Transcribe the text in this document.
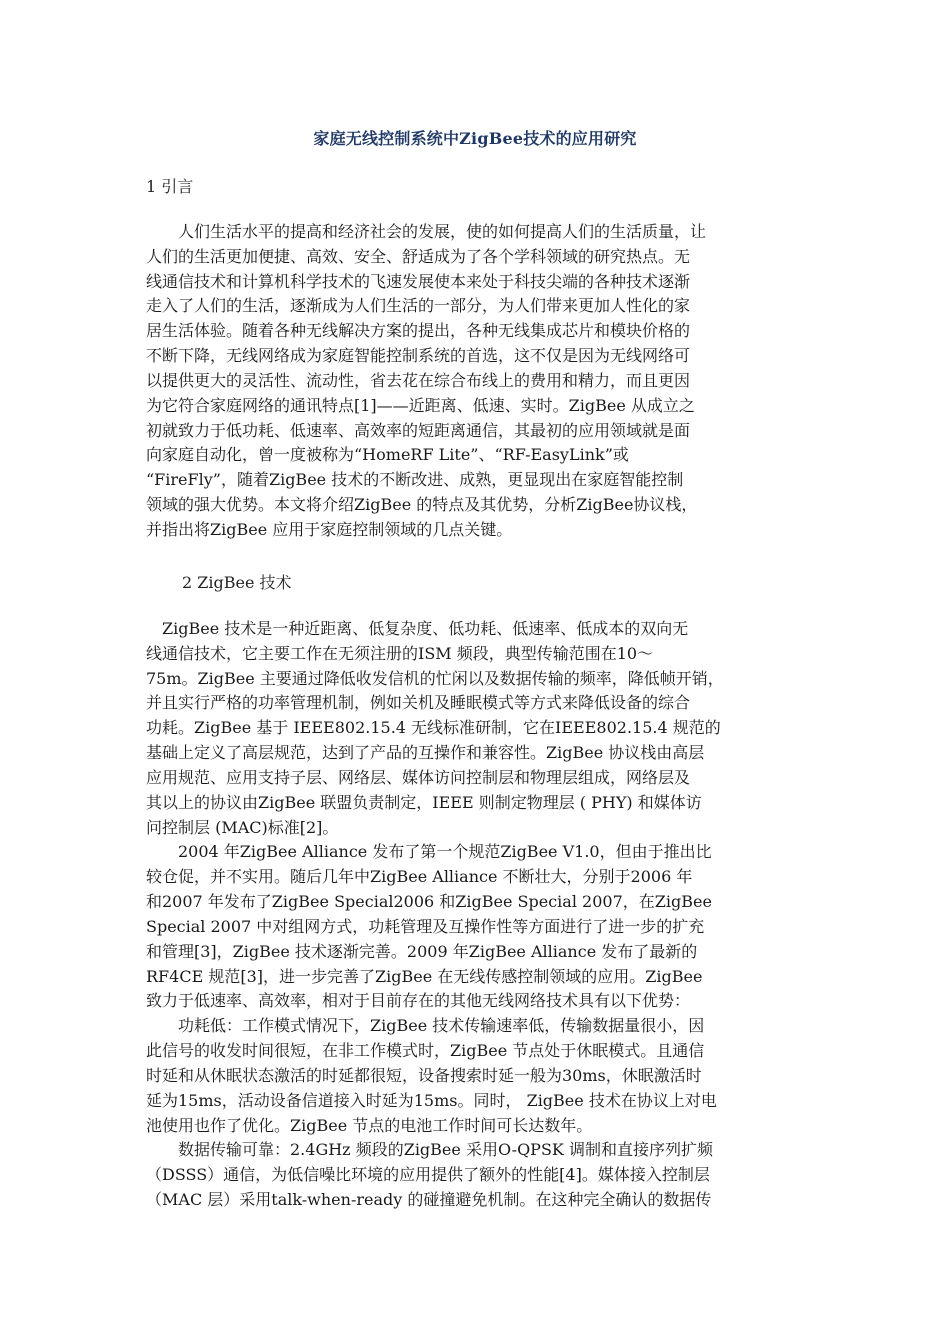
家庭无线控制系统中ZigBee技术的应用研究
1 引言
　　人们生活水平的提高和经济社会的发展，使的如何提高人们的生活质量，让
人们的生活更加便捷、高效、安全、舒适成为了各个学科领域的研究热点。无
线通信技术和计算机科学技术的飞速发展使本来处于科技尖端的各种技术逐渐
走入了人们的生活，逐渐成为人们生活的一部分，为人们带来更加人性化的家
居生活体验。随着各种无线解决方案的提出，各种无线集成芯片和模块价格的
不断下降，无线网络成为家庭智能控制系统的首选，这不仅是因为无线网络可
以提供更大的灵活性、流动性，省去花在综合布线上的费用和精力，而且更因
为它符合家庭网络的通讯特点[1]——近距离、低速、实时。ZigBee 从成立之
初就致力于低功耗、低速率、高效率的短距离通信，其最初的应用领域就是面
向家庭自动化，曾一度被称为“HomeRF Lite”、“RF-EasyLink”或
“FireFly”，随着ZigBee 技术的不断改进、成熟，更显现出在家庭智能控制
领域的强大优势。本文将介绍ZigBee 的特点及其优势，分析ZigBee协议栈，
并指出将ZigBee 应用于家庭控制领域的几点关键。
2 ZigBee 技术
　ZigBee 技术是一种近距离、低复杂度、低功耗、低速率、低成本的双向无
线通信技术，它主要工作在无须注册的ISM 频段，典型传输范围在10～
75m。ZigBee 主要通过降低收发信机的忙闲以及数据传输的频率，降低帧开销，
并且实行严格的功率管理机制，例如关机及睡眠模式等方式来降低设备的综合
功耗。ZigBee 基于 IEEE802.15.4 无线标准研制，它在IEEE802.15.4 规范的
基础上定义了高层规范，达到了产品的互操作和兼容性。ZigBee 协议栈由高层
应用规范、应用支持子层、网络层、媒体访问控制层和物理层组成，网络层及
其以上的协议由ZigBee 联盟负责制定，IEEE 则制定物理层 ( PHY) 和媒体访
问控制层 (MAC)标准[2]。
　　2004 年ZigBee Alliance 发布了第一个规范ZigBee V1.0，但由于推出比
较仓促，并不实用。随后几年中ZigBee Alliance 不断壮大，分别于2006 年
和2007 年发布了ZigBee Special2006 和ZigBee Special 2007，在ZigBee
Special 2007 中对组网方式，功耗管理及互操作性等方面进行了进一步的扩充
和管理[3]，ZigBee 技术逐渐完善。2009 年ZigBee Alliance 发布了最新的
RF4CE 规范[3]，进一步完善了ZigBee 在无线传感控制领域的应用。ZigBee
致力于低速率、高效率，相对于目前存在的其他无线网络技术具有以下优势：
　　功耗低：工作模式情况下，ZigBee 技术传输速率低，传输数据量很小，因
此信号的收发时间很短，在非工作模式时，ZigBee 节点处于休眠模式。且通信
时延和从休眠状态激活的时延都很短，设备搜索时延一般为30ms，休眠激活时
延为15ms，活动设备信道接入时延为15ms。同时， ZigBee 技术在协议上对电
池使用也作了优化。ZigBee 节点的电池工作时间可长达数年。
　　数据传输可靠：2.4GHz 频段的ZigBee 采用O-QPSK 调制和直接序列扩频
（DSSS）通信，为低信噪比环境的应用提供了额外的性能[4]。媒体接入控制层
（MAC 层）采用talk-when-ready 的碰撞避免机制。在这种完全确认的数据传
